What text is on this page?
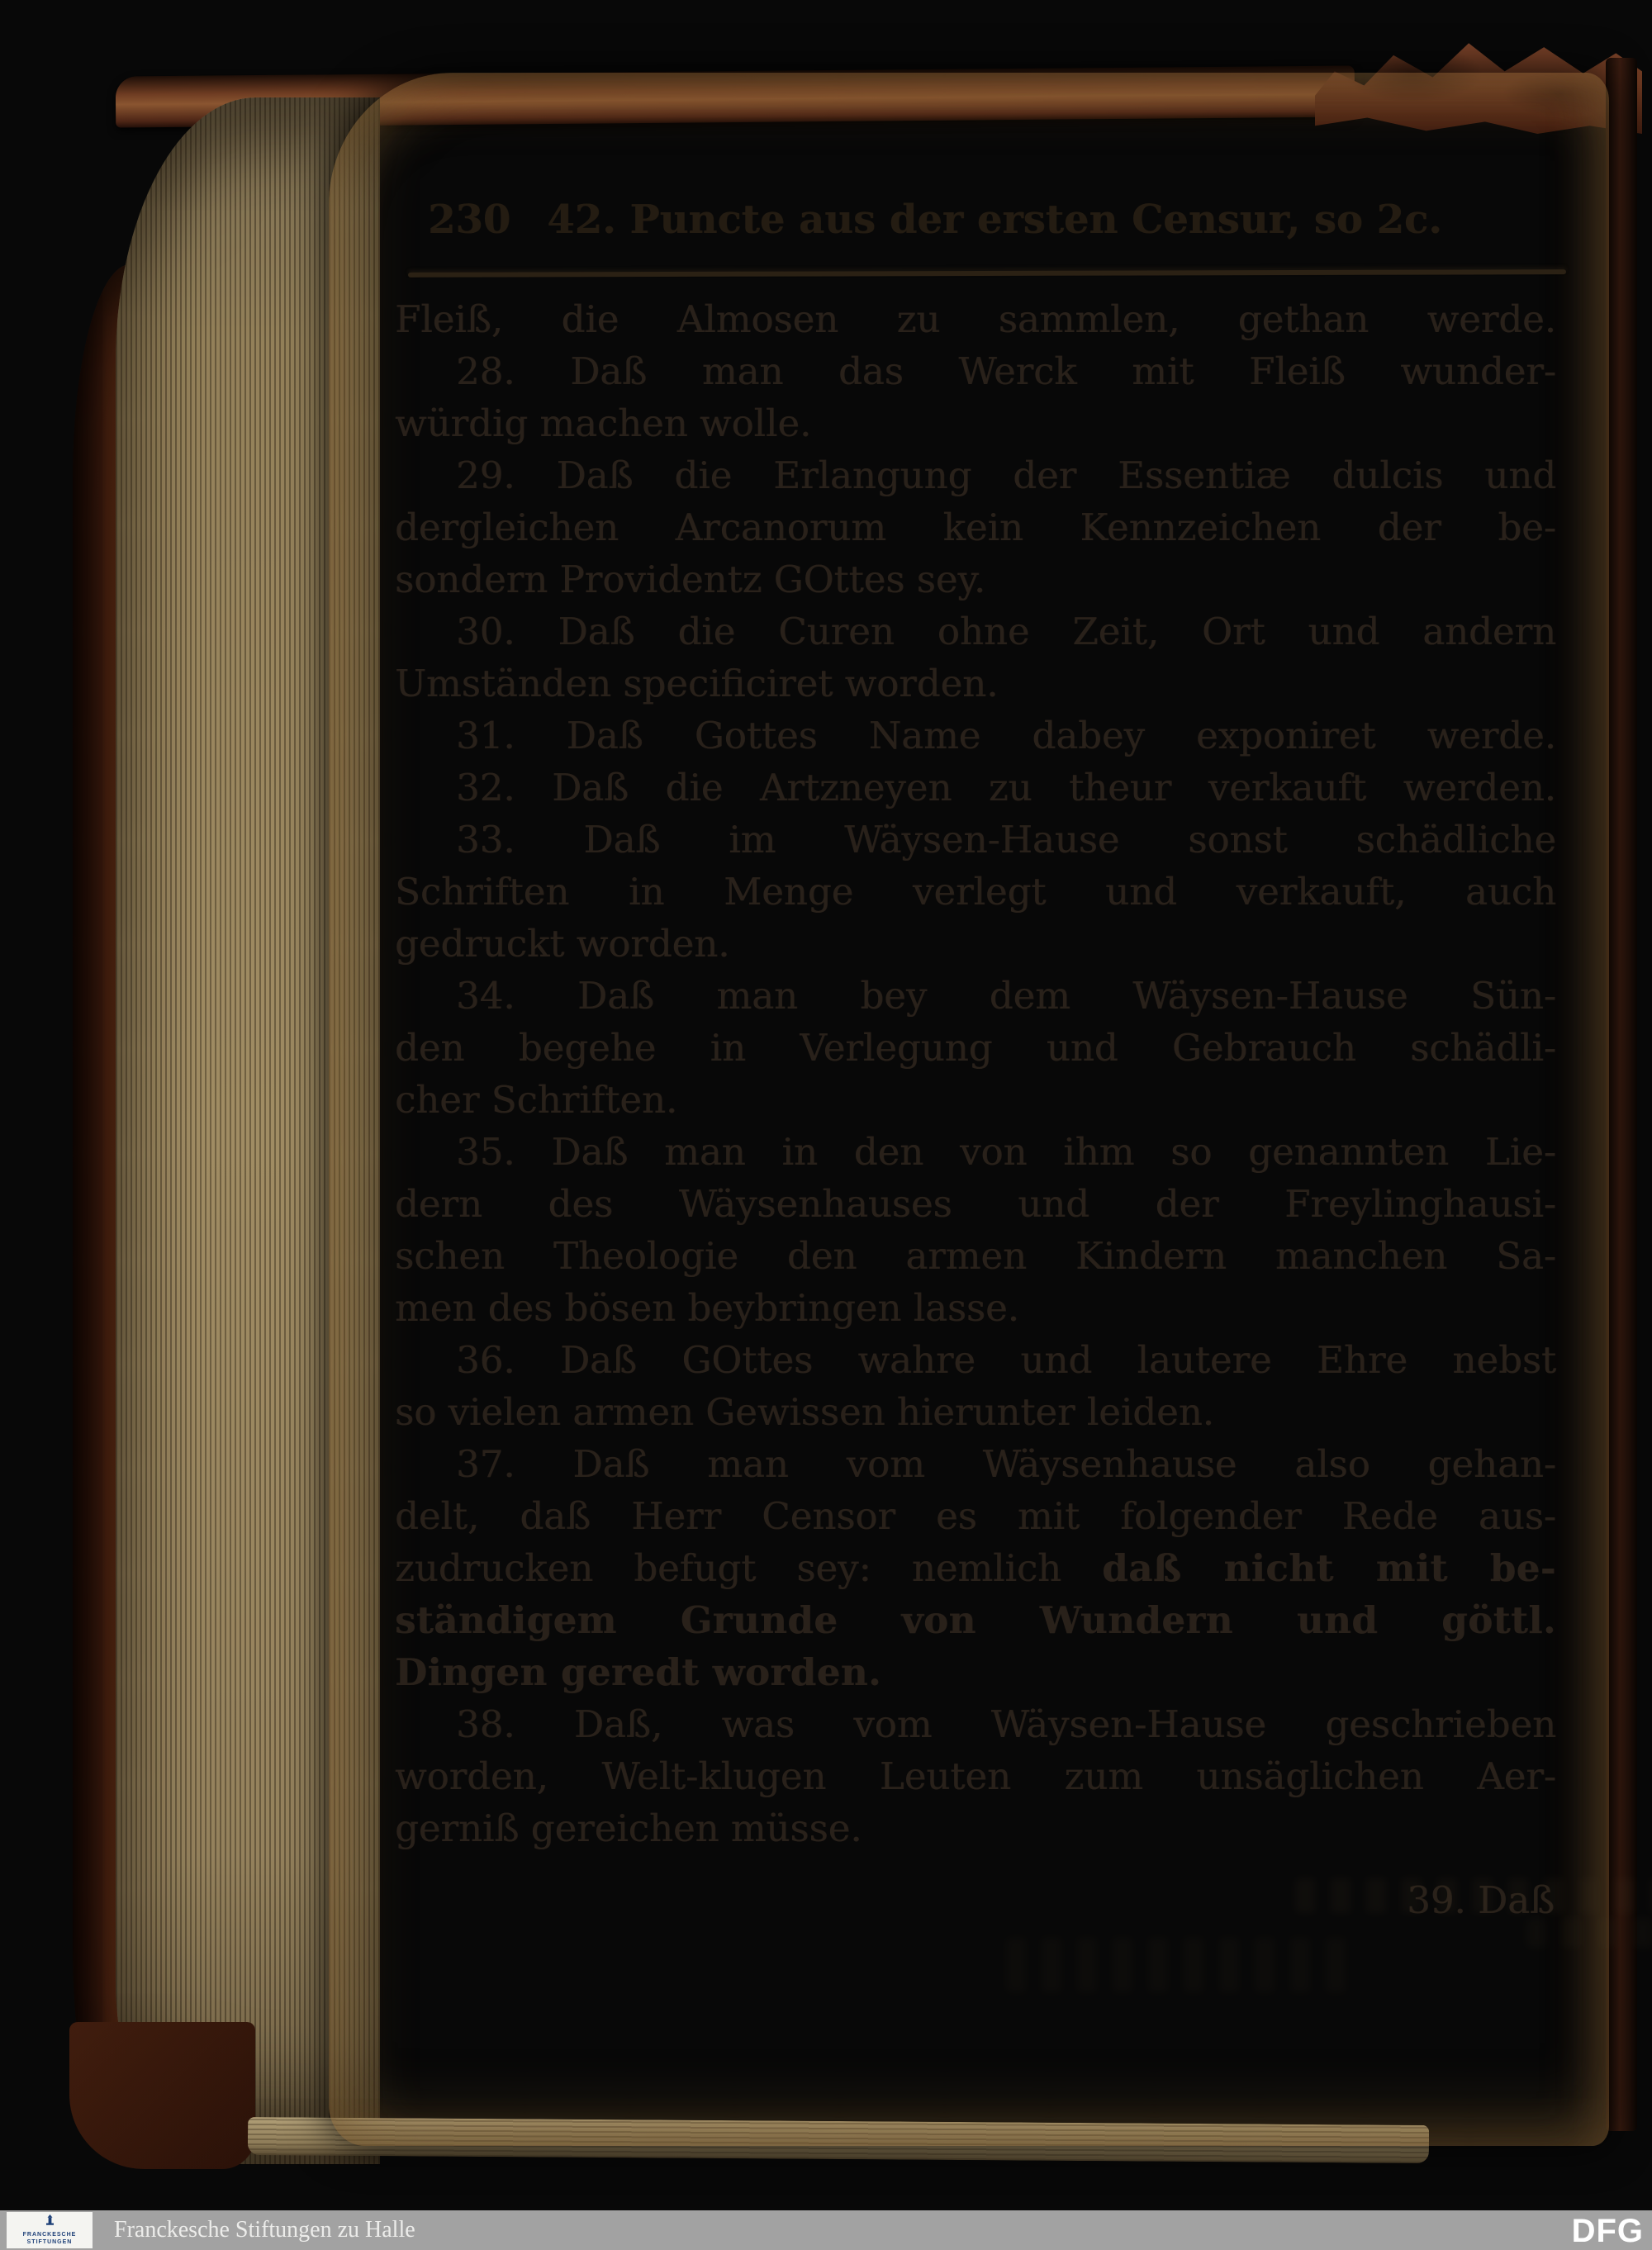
230 42. Puncte aus der ersten Censur, so 2c.
Fleiß, die Almosen zu sammlen, gethan werde.
28. Daß man das Werck mit Fleiß wunder-
würdig machen wolle.
29. Daß die Erlangung der Essentiæ dulcis und
dergleichen Arcanorum kein Kennzeichen der be-
sondern Providentz GOttes sey.
30. Daß die Curen ohne Zeit, Ort und andern
Umständen specificiret worden.
31. Daß Gottes Name dabey exponiret werde.
32. Daß die Artzneyen zu theur verkauft werden.
33. Daß im Wäysen-Hause sonst schädliche
Schriften in Menge verlegt und verkauft, auch
gedruckt worden.
34. Daß man bey dem Wäysen-Hause Sün-
den begehe in Verlegung und Gebrauch schädli-
cher Schriften.
35. Daß man in den von ihm so genannten Lie-
dern des Wäysenhauses und der Freylinghausi-
schen Theologie den armen Kindern manchen Sa-
men des bösen beybringen lasse.
36. Daß GOttes wahre und lautere Ehre nebst
so vielen armen Gewissen hierunter leiden.
37. Daß man vom Wäysenhause also gehan-
delt, daß Herr Censor es mit folgender Rede aus-
zudrucken befugt sey: nemlich daß nicht mit be-
ständigem Grunde von Wundern und göttl.
Dingen geredt worden.
38. Daß, was vom Wäysen-Hause geschrieben
worden, Welt-klugen Leuten zum unsäglichen Aer-
gerniß gereichen müsse.
39. Daß
FRANCKESCHE
STIFTUNGEN Franckesche Stiftungen zu Halle	DFG
